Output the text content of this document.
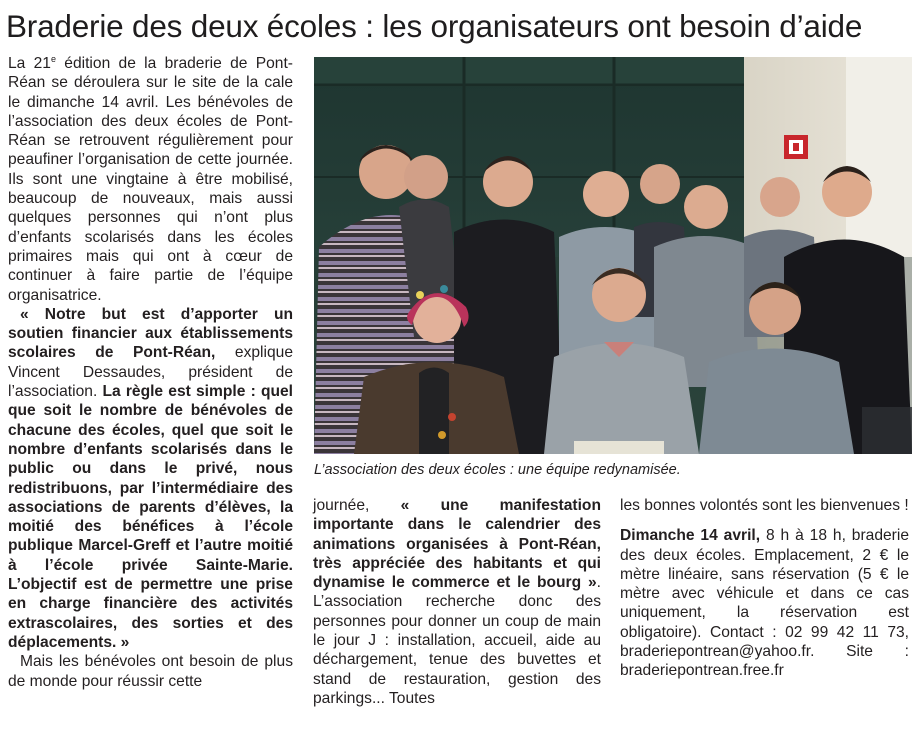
Braderie des deux écoles : les organisateurs ont besoin d’aide

La 21e édition de la braderie de Pont-Réan se déroulera sur le site de la cale le dimanche 14 avril. Les bénévoles de l’association des deux écoles de Pont-Réan se retrouvent régulièrement pour peaufiner l’organisation de cette journée. Ils sont une vingtaine à être mobilisé, beaucoup de nouveaux, mais aussi quelques personnes qui n’ont plus d’enfants scolarisés dans les écoles primaires mais qui ont à cœur de continuer à faire partie de l’équipe organisatrice.

« Notre but est d’apporter un soutien financier aux établissements scolaires de Pont-Réan, explique Vincent Dessaudes, président de l’association. La règle est simple : quel que soit le nombre de bénévoles de chacune des écoles, quel que soit le nombre d’enfants scolarisés dans le public ou dans le privé, nous redistribuons, par l’intermédiaire des associations de parents d’élèves, la moitié des bénéfices à l’école publique Marcel-Greff et l’autre moitié à l’école privée Sainte-Marie. L’objectif est de permettre une prise en charge financière des activités extrascolaires, des sorties et des déplacements. »

Mais les bénévoles ont besoin de plus de monde pour réussir cette

L’association des deux écoles : une équipe redynamisée.

journée, « une manifestation importante dans le calendrier des animations organisées à Pont-Réan, très appréciée des habitants et qui dynamise le commerce et le bourg ». L’association recherche donc des personnes pour donner un coup de main le jour J : installation, accueil, aide au déchargement, tenue des buvettes et stand de restauration, gestion des parkings... Toutes

les bonnes volontés sont les bienvenues !

Dimanche 14 avril, 8 h à 18 h, braderie des deux écoles. Emplacement, 2 € le mètre linéaire, sans réservation (5 € le mètre avec véhicule et dans ce cas uniquement, la réservation est obligatoire). Contact : 02 99 42 11 73, braderiepontrean@yahoo.fr. Site : braderiepontrean.free.fr
